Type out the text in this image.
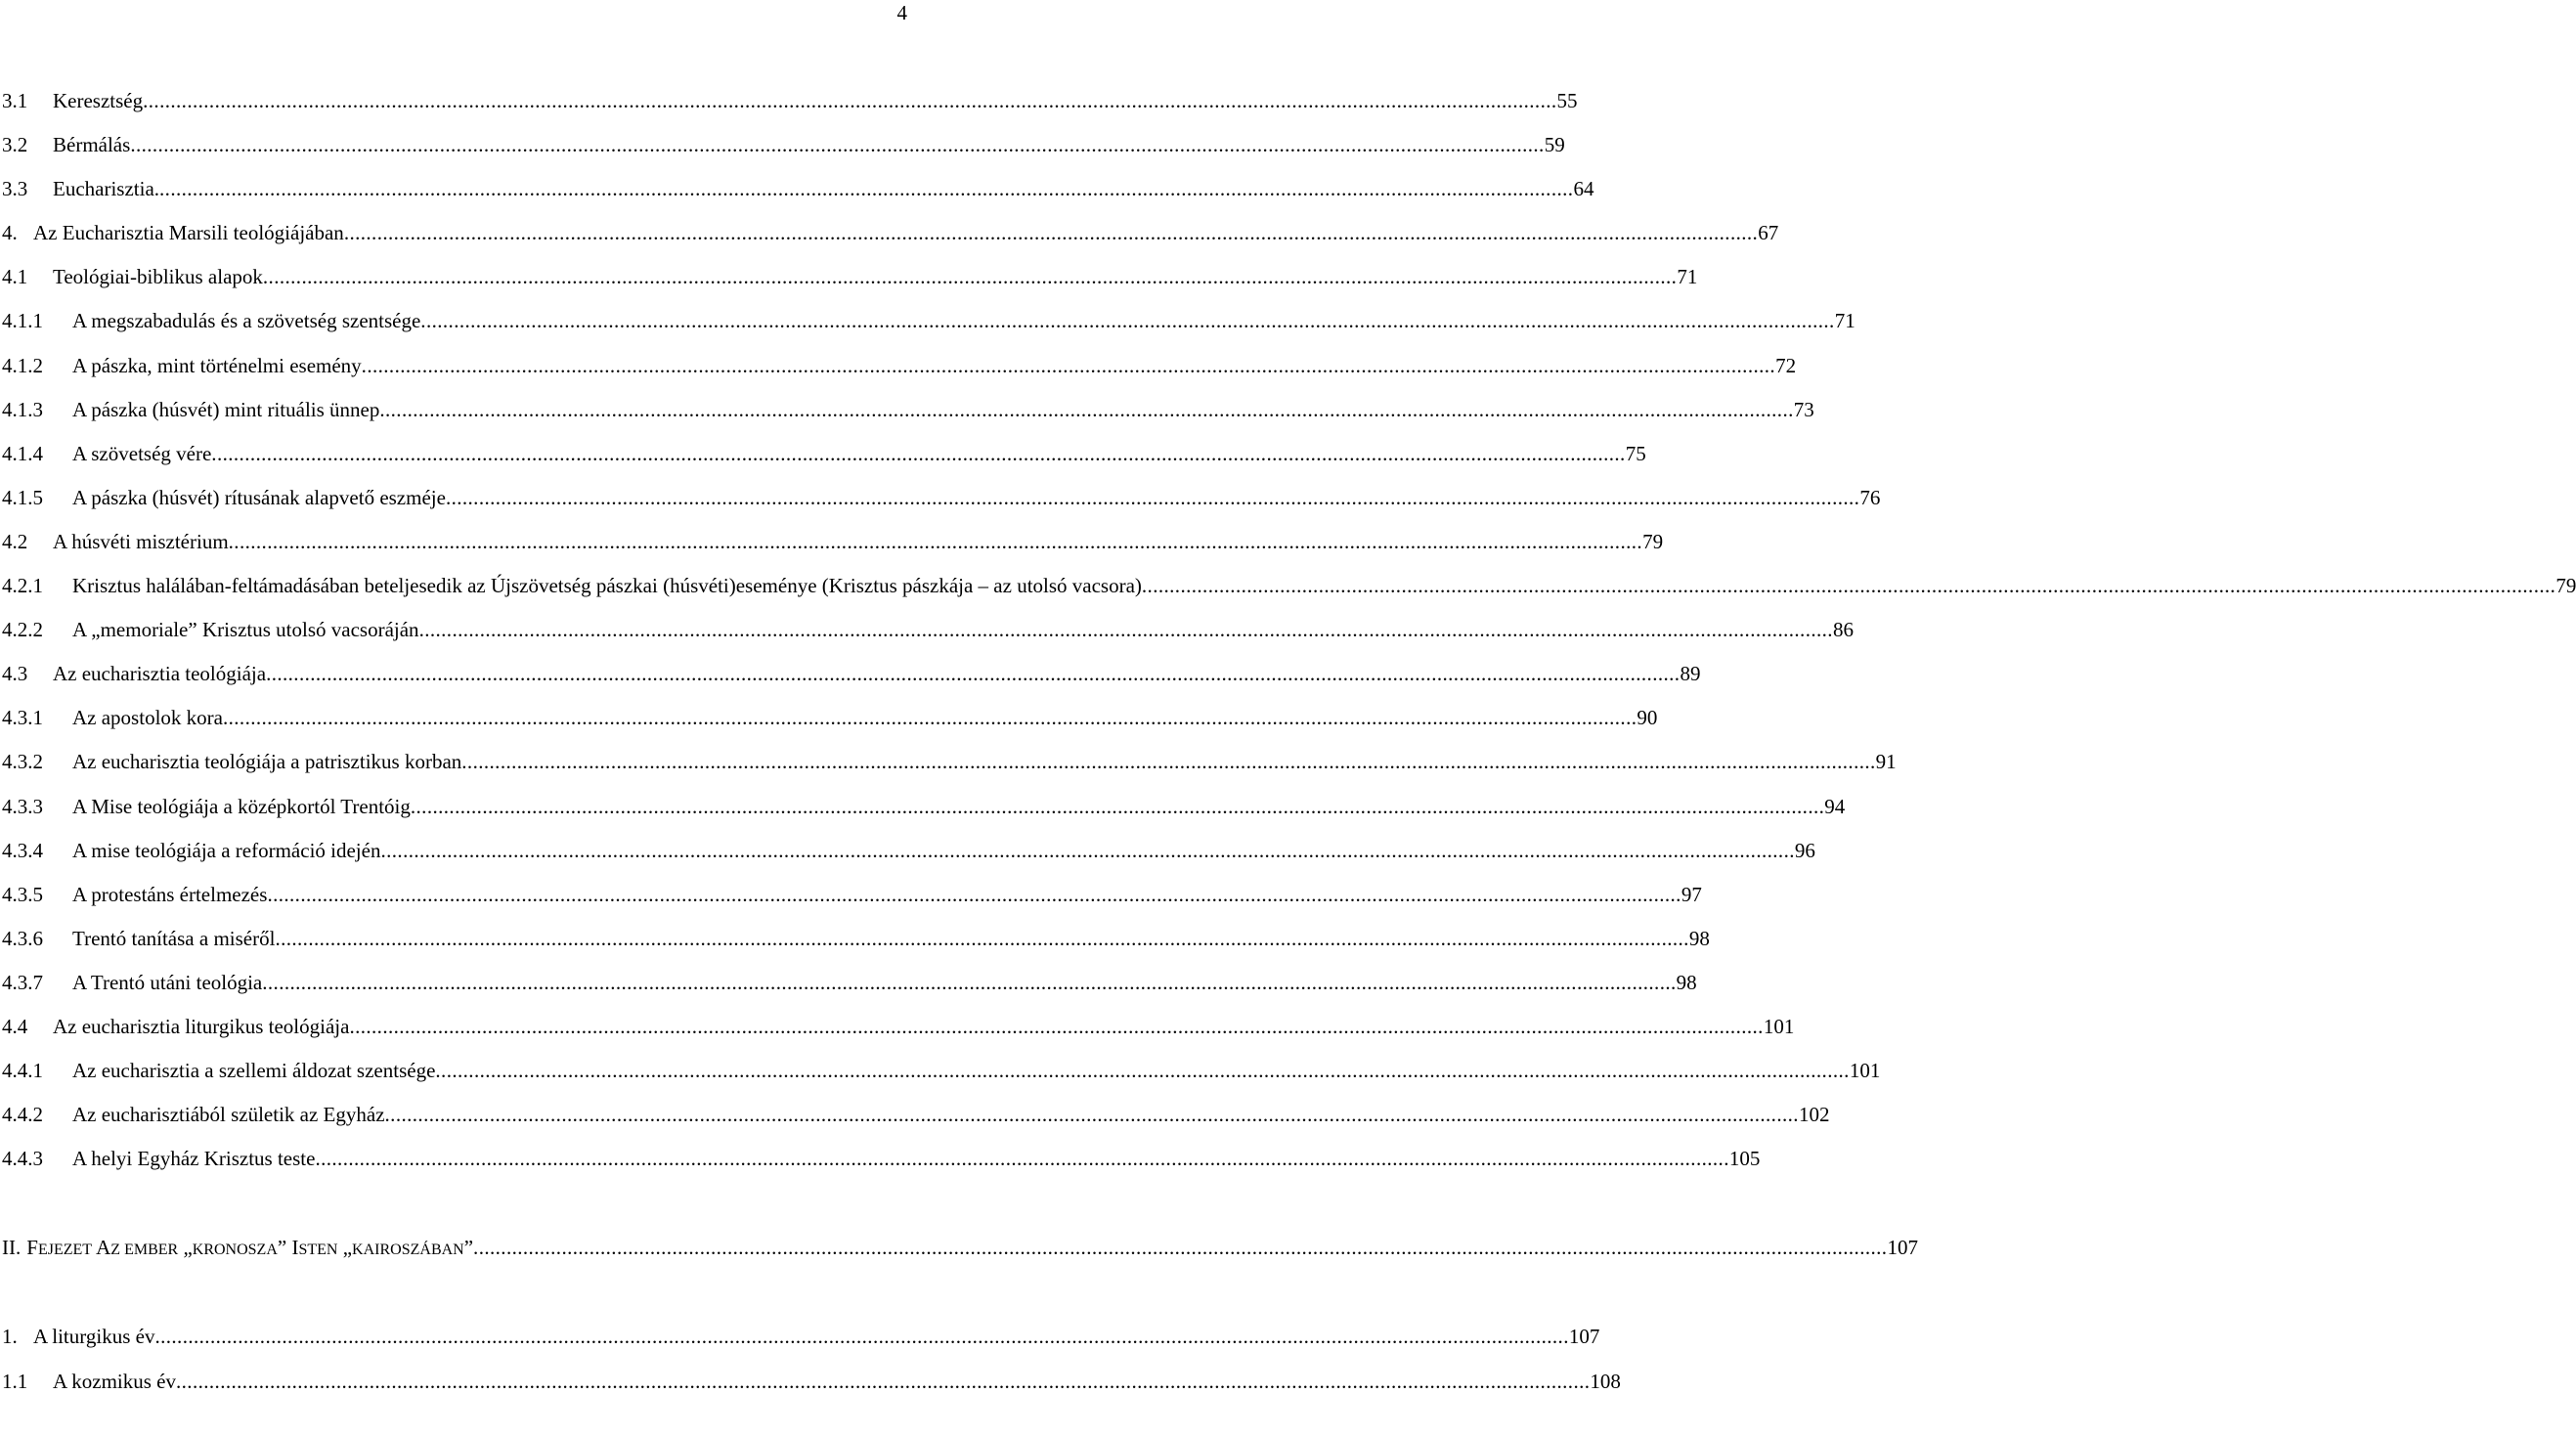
4
3.1	Keresztség .....	55
3.2	Bérmálás .....	59
3.3	Eucharisztia. .....	64
4. Az Eucharisztia Marsili teológiájában .....	67
4.1	Teológiai-biblikus alapok .....	71
4.1.1	A megszabadulás és a szövetség szentsége .....	71
4.1.2	A pászka, mint történelmi esemény .....	72
4.1.3	A pászka (húsvét) mint rituális ünnep .....	73
4.1.4	A szövetség vére .....	75
4.1.5	A pászka (húsvét) rítusának alapvető eszméje .....	76
4.2	A húsvéti misztérium .....	79
4.2.1	Krisztus halálában-feltámadásában beteljesedik az Újszövetség pászkai (húsvéti) eseménye (Krisztus pászkája – az utolsó vacsora) .....	79
4.2.2	A „memoriale” Krisztus utolsó vacsoráján .....	86
4.3	Az eucharisztia teológiája .....	89
4.3.1	Az apostolok kora .....	90
4.3.2	Az eucharisztia teológiája a patrisztikus korban .....	91
4.3.3	A Mise teológiája a középkortól Trentóig .....	94
4.3.4	A mise teológiája a reformáció idején .....	96
4.3.5	A protestáns értelmezés .....	97
4.3.6	Trentó tanítása a miséről .....	98
4.3.7	A Trentó utáni teológia .....	98
4.4	Az eucharisztia liturgikus teológiája .....	101
4.4.1	Az eucharisztia a szellemi áldozat szentsége .....	101
4.4.2	Az eucharisztiából születik az Egyház .....	102
4.4.3	A helyi Egyház Krisztus teste .....	105
II. FEJEZET AZ EMBER „KRONOSZA” ISTEN „KAIROSZÁBAN” .....	107
1. A liturgikus év .....	107
1.1	A kozmikus év .....	108
